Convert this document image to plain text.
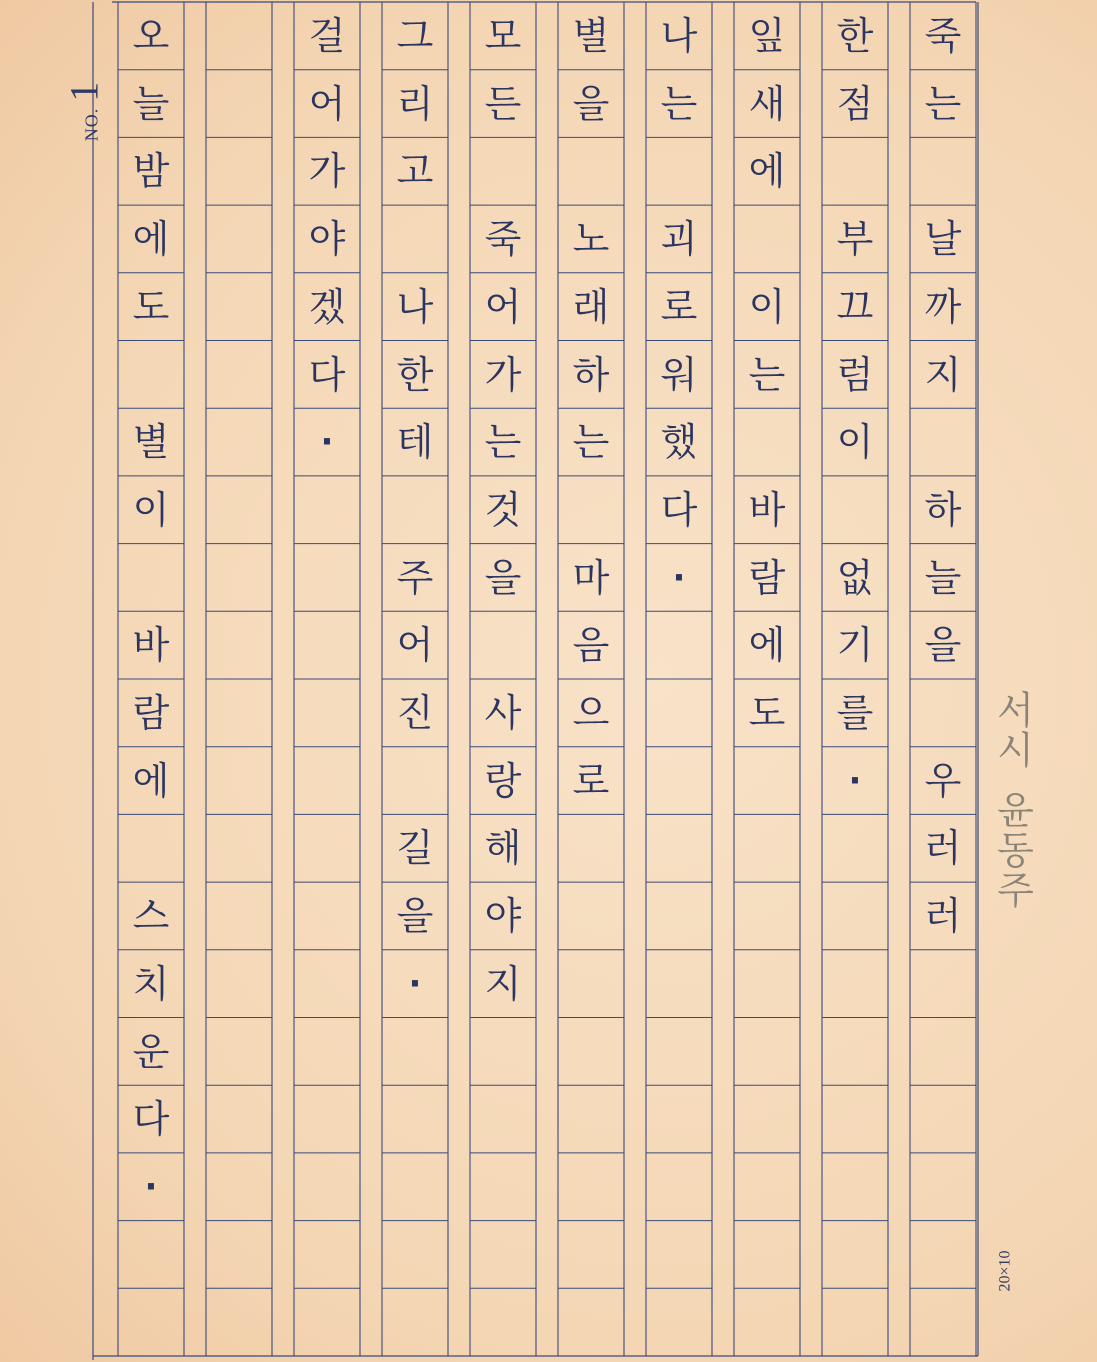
죽
는
날
까
지
하
늘
을
우
러
러
한
점
부
끄
럼
이
없
기
를
·
잎
새
에
이
는
바
람
에
도
나
는
괴
로
워
했
다
·
별
을
노
래
하
는
마
음
으
로
모
든
죽
어
가
는
것
을
사
랑
해
야
지
그
리
고
나
한
테
주
어
진
길
을
·
걸
어
가
야
겠
다
·
오
늘
밤
에
도
별
이
바
람
에
스
치
운
다
·
NO.1
20×10
서시
윤동주
